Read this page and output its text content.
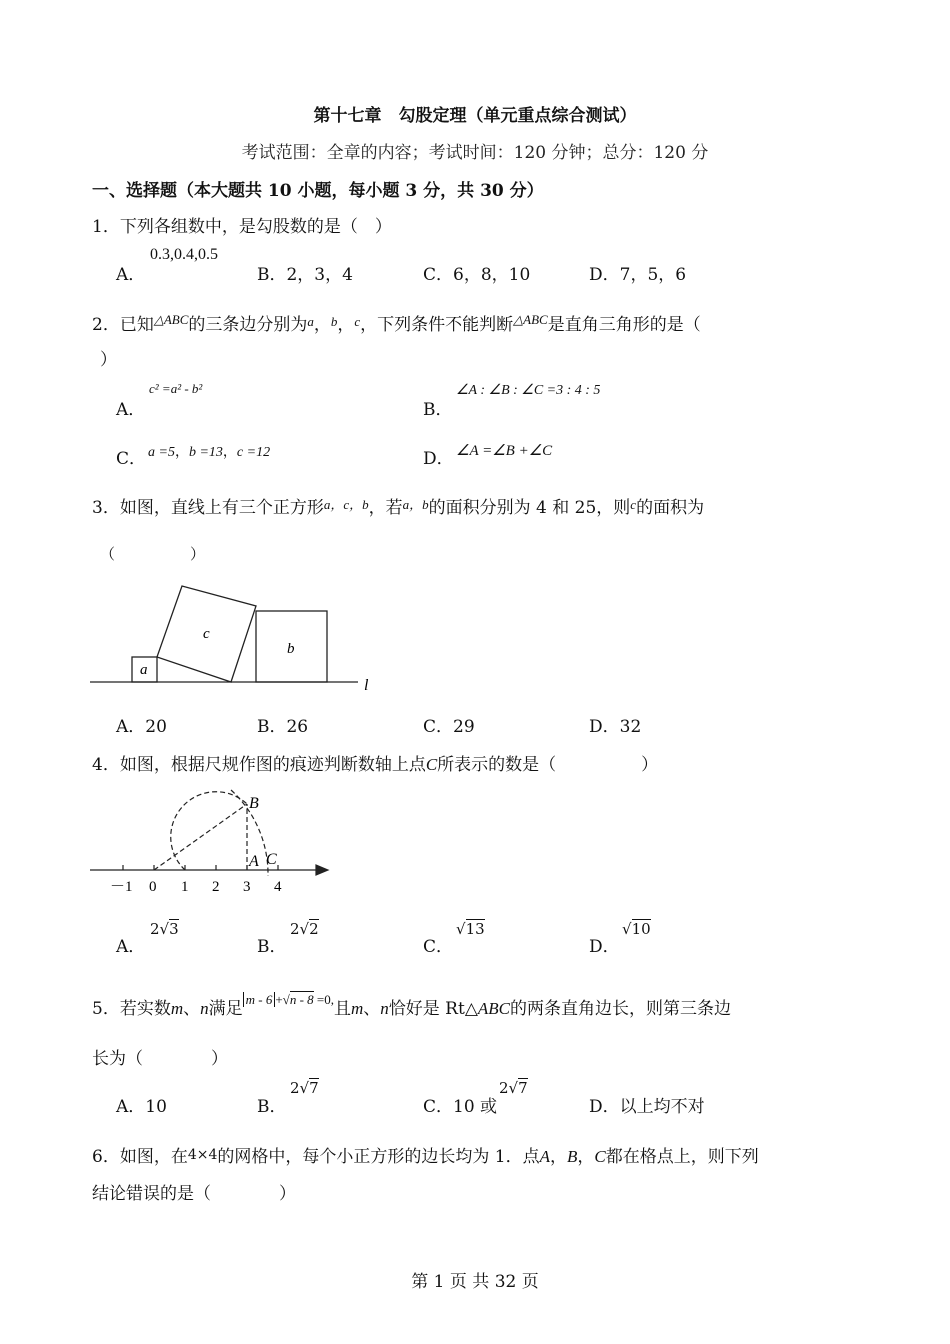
第十七章　勾股定理（单元重点综合测试）
考试范围：全章的内容；考试时间：120 分钟；总分：120 分
一、选择题（本大题共 10 小题，每小题 3 分，共 30 分）
1．下列各组数中，是勾股数的是（　）
A．
0.3,0.4,0.5
B．2，3，4	C．6，8，10	D．7，5，6
2．已知$^{\triangle ABC}$的三条边分别为$^a$，$^b$，$^c$，下列条件不能判断$^{\triangle ABC}$是直角三角形的是（
）
A．
c² =a² - b²
B．
∠A : ∠B : ∠C =3 : 4 : 5
C． a =5，b =13，c =12	D． ∠A =∠B +∠C
3．如图，直线上有三个正方形$^{a,c,b}$，若$^{a,b}$的面积分别为 4 和 25，则$^c$的面积为
（　　　　　）
a
c
b
l
A．20	B．26	C．29	D．32
4．如图，根据尺规作图的痕迹判断数轴上点C所表示的数是（　　　　　）
B
A C
－1 0 1 2 3 4
A．
2√3
B．
2√2
C．
√13
D．
√10
5．若实数m、n满足 $^{m - 6 +√n - 8 =0,}$且m、n恰好是 Rt△ABC的两条直角边长，则第三条边
长为（　　　　）
A．10	B．
2√7
C．10 或
2√7
D．以上均不对
6．如图，在4×4的网格中，每个小正方形的边长均为 1．点A，B，C都在格点上，则下列
结论错误的是（　　　　）
第 1 页 共 32 页
